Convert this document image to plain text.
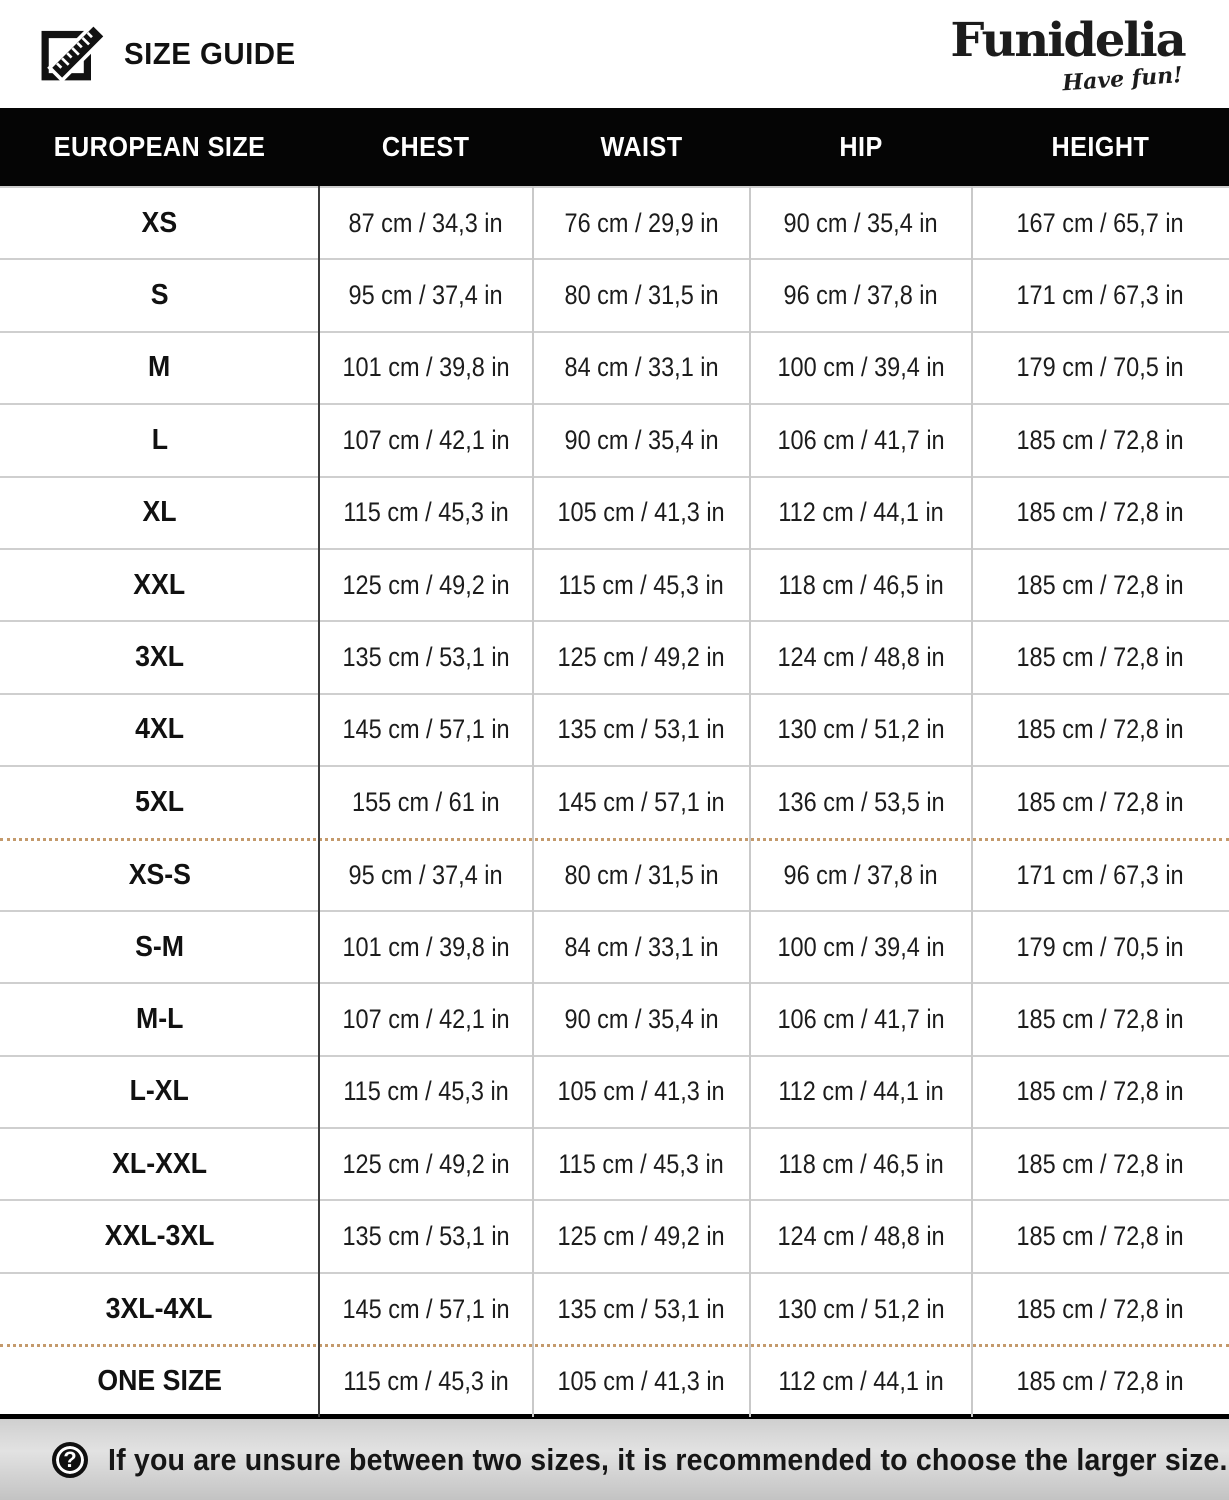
SIZE GUIDE	Funidelia
Have fun!
EUROPEAN SIZE	CHEST	WAIST	HIP	HEIGHT
XS	87 cm / 34,3 in	76 cm / 29,9 in	90 cm / 35,4 in	167 cm / 65,7 in
S	95 cm / 37,4 in	80 cm / 31,5 in	96 cm / 37,8 in	171 cm / 67,3 in
M	101 cm / 39,8 in	84 cm / 33,1 in	100 cm / 39,4 in	179 cm / 70,5 in
L	107 cm / 42,1 in	90 cm / 35,4 in	106 cm / 41,7 in	185 cm / 72,8 in
XL	115 cm / 45,3 in	105 cm / 41,3 in	112 cm / 44,1 in	185 cm / 72,8 in
XXL	125 cm / 49,2 in	115 cm / 45,3 in	118 cm / 46,5 in	185 cm / 72,8 in
3XL	135 cm / 53,1 in	125 cm / 49,2 in	124 cm / 48,8 in	185 cm / 72,8 in
4XL	145 cm / 57,1 in	135 cm / 53,1 in	130 cm / 51,2 in	185 cm / 72,8 in
5XL	155 cm / 61 in	145 cm / 57,1 in	136 cm / 53,5 in	185 cm / 72,8 in
XS-S	95 cm / 37,4 in	80 cm / 31,5 in	96 cm / 37,8 in	171 cm / 67,3 in
S-M	101 cm / 39,8 in	84 cm / 33,1 in	100 cm / 39,4 in	179 cm / 70,5 in
M-L	107 cm / 42,1 in	90 cm / 35,4 in	106 cm / 41,7 in	185 cm / 72,8 in
L-XL	115 cm / 45,3 in	105 cm / 41,3 in	112 cm / 44,1 in	185 cm / 72,8 in
XL-XXL	125 cm / 49,2 in	115 cm / 45,3 in	118 cm / 46,5 in	185 cm / 72,8 in
XXL-3XL	135 cm / 53,1 in	125 cm / 49,2 in	124 cm / 48,8 in	185 cm / 72,8 in
3XL-4XL	145 cm / 57,1 in	135 cm / 53,1 in	130 cm / 51,2 in	185 cm / 72,8 in
ONE SIZE	115 cm / 45,3 in	105 cm / 41,3 in	112 cm / 44,1 in	185 cm / 72,8 in
?	If you are unsure between two sizes, it is recommended to choose the larger size.
